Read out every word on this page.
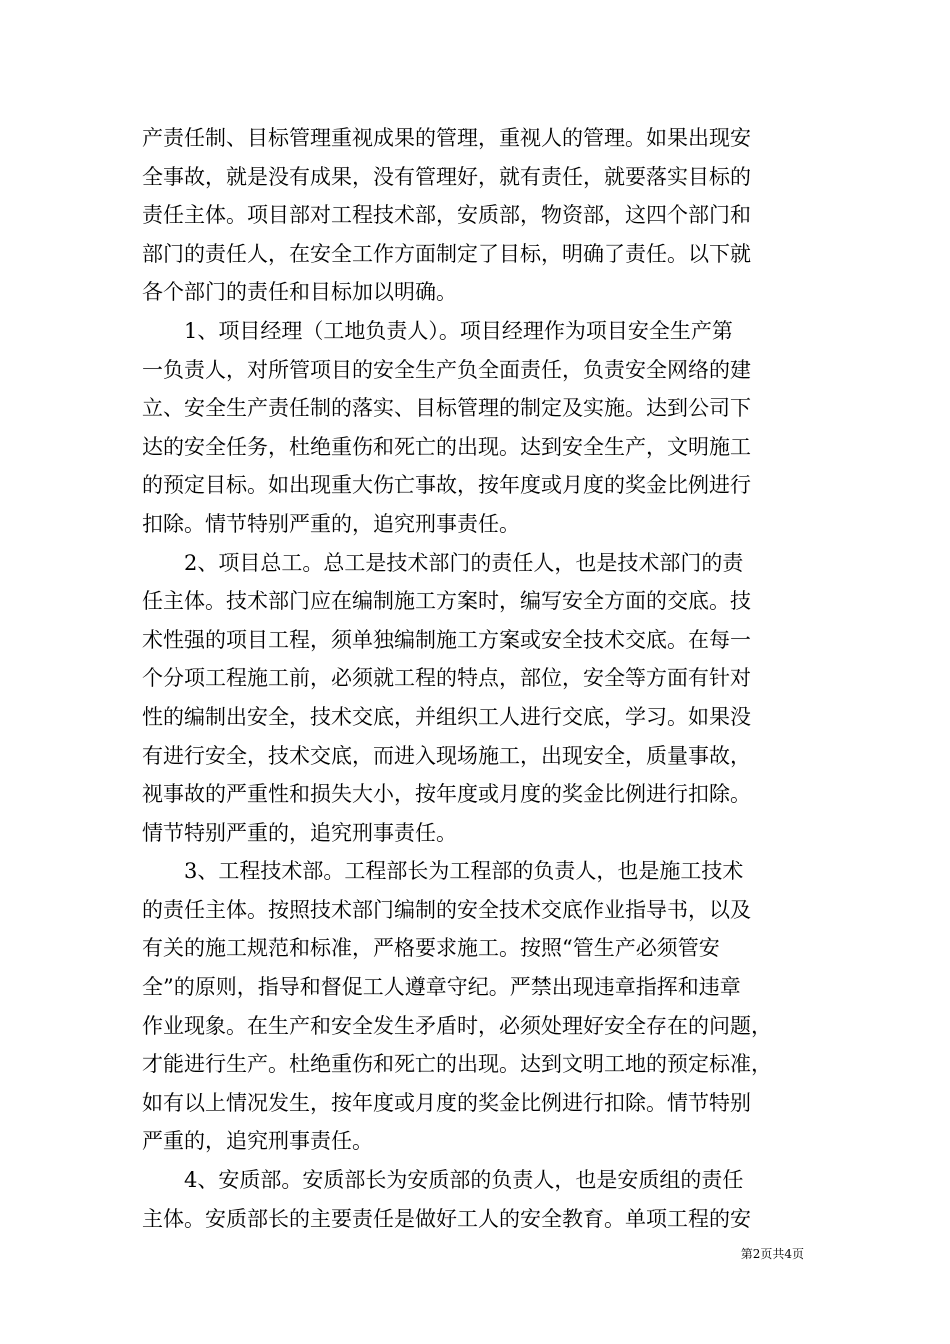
产责任制、目标管理重视成果的管理，重视人的管理。如果出现安
全事故，就是没有成果，没有管理好，就有责任，就要落实目标的
责任主体。项目部对工程技术部，安质部，物资部，这四个部门和
部门的责任人，在安全工作方面制定了目标，明确了责任。以下就
各个部门的责任和目标加以明确。
1、项目经理（工地负责人）。项目经理作为项目安全生产第
一负责人，对所管项目的安全生产负全面责任，负责安全网络的建
立、安全生产责任制的落实、目标管理的制定及实施。达到公司下
达的安全任务，杜绝重伤和死亡的出现。达到安全生产，文明施工
的预定目标。如出现重大伤亡事故，按年度或月度的奖金比例进行
扣除。情节特别严重的，追究刑事责任。
2、项目总工。总工是技术部门的责任人，也是技术部门的责
任主体。技术部门应在编制施工方案时，编写安全方面的交底。技
术性强的项目工程，须单独编制施工方案或安全技术交底。在每一
个分项工程施工前，必须就工程的特点，部位，安全等方面有针对
性的编制出安全，技术交底，并组织工人进行交底，学习。如果没
有进行安全，技术交底，而进入现场施工，出现安全，质量事故，
视事故的严重性和损失大小，按年度或月度的奖金比例进行扣除。
情节特别严重的，追究刑事责任。
3、工程技术部。工程部长为工程部的负责人，也是施工技术
的责任主体。按照技术部门编制的安全技术交底作业指导书，以及
有关的施工规范和标准，严格要求施工。按照“管生产必须管安
全”的原则，指导和督促工人遵章守纪。严禁出现违章指挥和违章
作业现象。在生产和安全发生矛盾时，必须处理好安全存在的问题，
才能进行生产。杜绝重伤和死亡的出现。达到文明工地的预定标准，
如有以上情况发生，按年度或月度的奖金比例进行扣除。情节特别
严重的，追究刑事责任。
4、安质部。安质部长为安质部的负责人，也是安质组的责任
主体。安质部长的主要责任是做好工人的安全教育。单项工程的安
第2页共4页
